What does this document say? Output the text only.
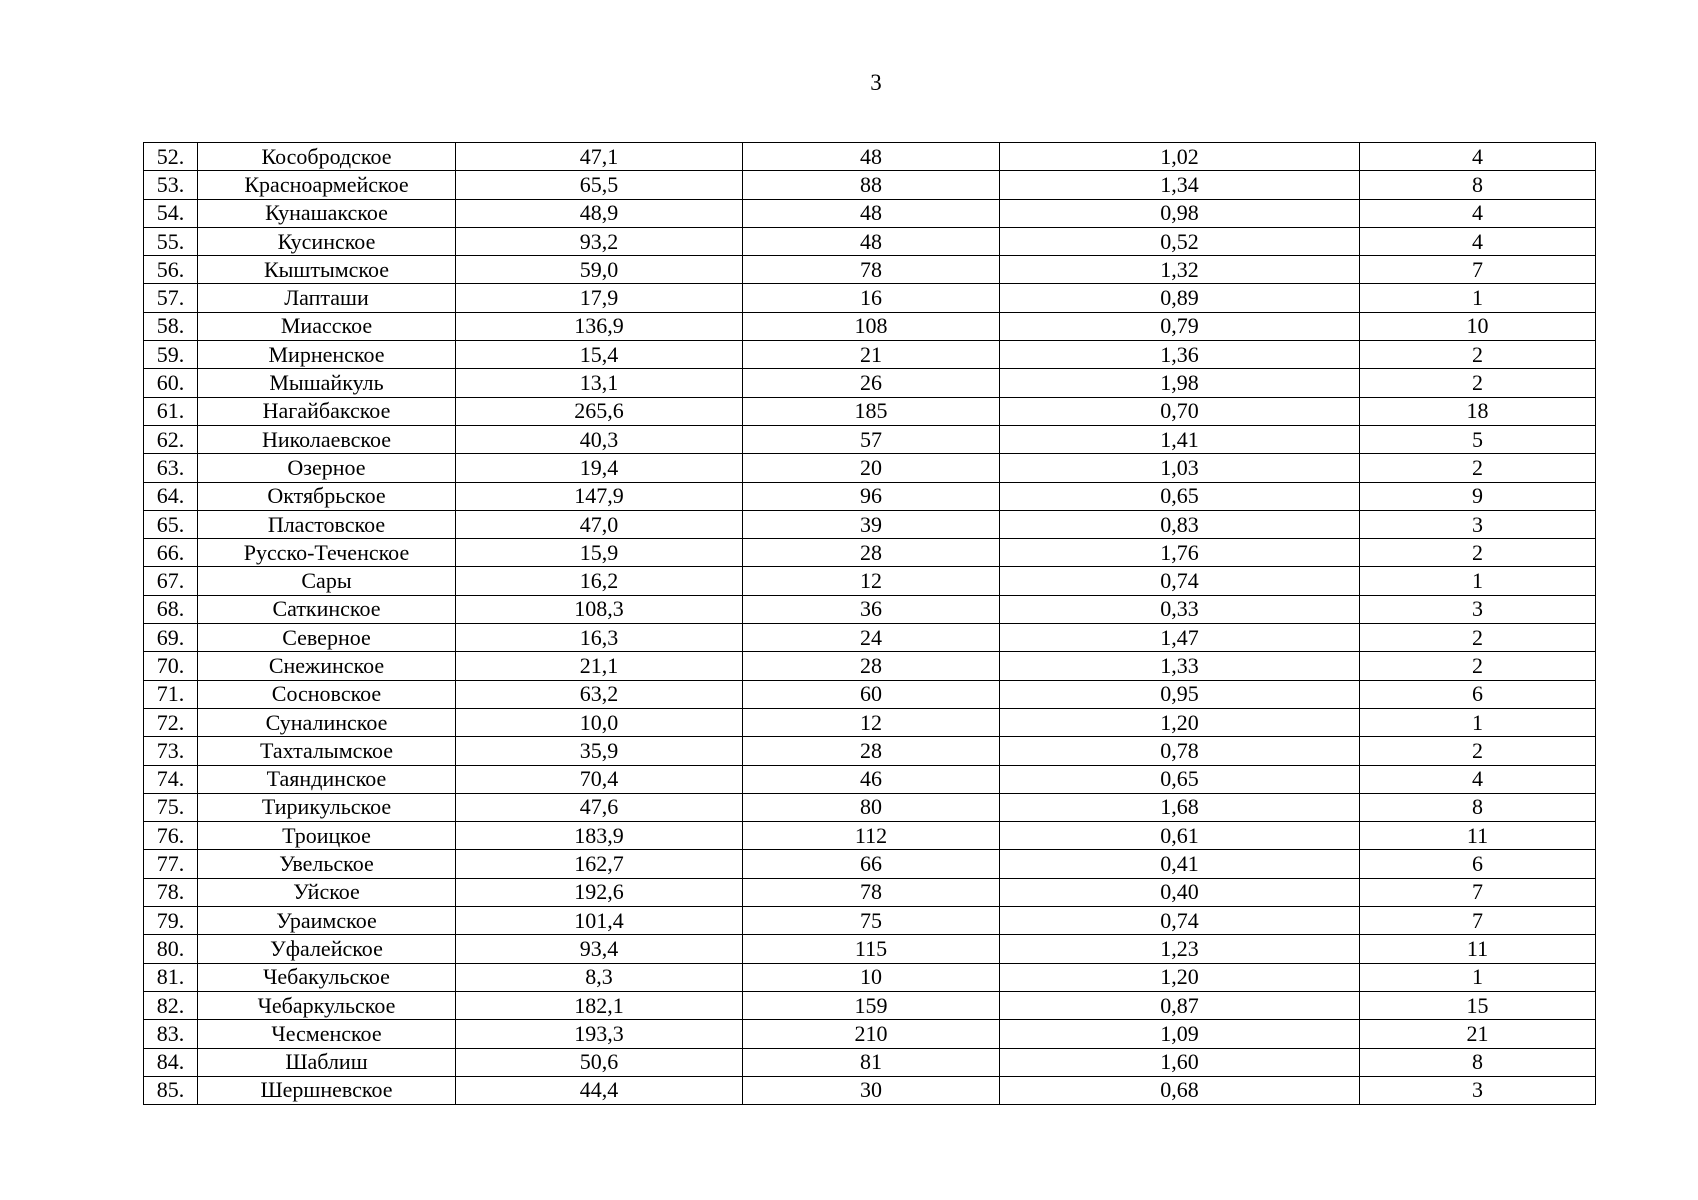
3
52.	Кособродское	47,1	48	1,02	4
53.	Красноармейское	65,5	88	1,34	8
54.	Кунашакское	48,9	48	0,98	4
55.	Кусинское	93,2	48	0,52	4
56.	Кыштымское	59,0	78	1,32	7
57.	Лапташи	17,9	16	0,89	1
58.	Миасское	136,9	108	0,79	10
59.	Мирненское	15,4	21	1,36	2
60.	Мышайкуль	13,1	26	1,98	2
61.	Нагайбакское	265,6	185	0,70	18
62.	Николаевское	40,3	57	1,41	5
63.	Озерное	19,4	20	1,03	2
64.	Октябрьское	147,9	96	0,65	9
65.	Пластовское	47,0	39	0,83	3
66.	Русско-Теченское	15,9	28	1,76	2
67.	Сары	16,2	12	0,74	1
68.	Саткинское	108,3	36	0,33	3
69.	Северное	16,3	24	1,47	2
70.	Снежинское	21,1	28	1,33	2
71.	Сосновское	63,2	60	0,95	6
72.	Суналинское	10,0	12	1,20	1
73.	Тахталымское	35,9	28	0,78	2
74.	Таяндинское	70,4	46	0,65	4
75.	Тирикульское	47,6	80	1,68	8
76.	Троицкое	183,9	112	0,61	11
77.	Увельское	162,7	66	0,41	6
78.	Уйское	192,6	78	0,40	7
79.	Ураимское	101,4	75	0,74	7
80.	Уфалейское	93,4	115	1,23	11
81.	Чебакульское	8,3	10	1,20	1
82.	Чебаркульское	182,1	159	0,87	15
83.	Чесменское	193,3	210	1,09	21
84.	Шаблиш	50,6	81	1,60	8
85.	Шершневское	44,4	30	0,68	3
